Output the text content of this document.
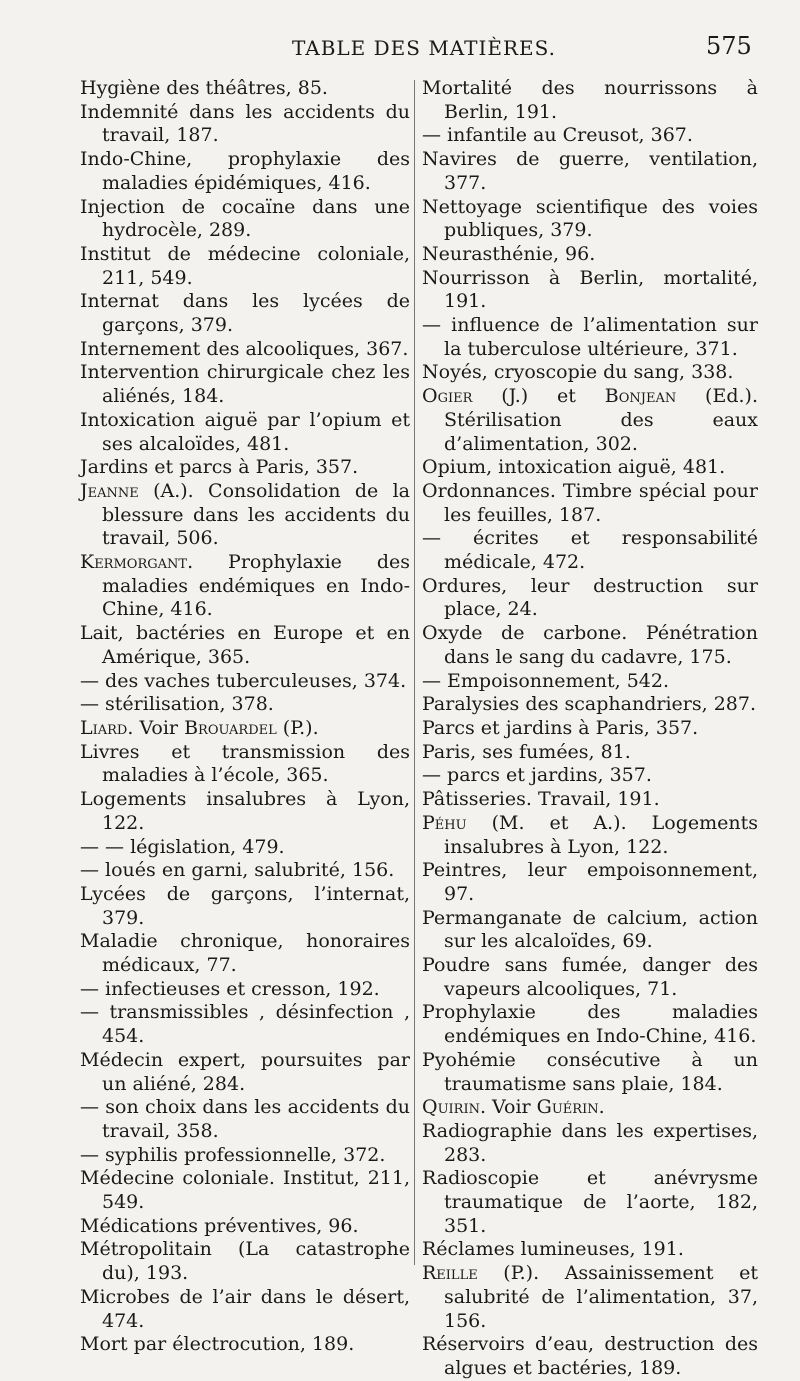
TABLE DES MATIÈRES.	575

Hygiène des théâtres, 85.

Indemnité dans les accidents du travail, 187.

Indo-Chine, prophylaxie des maladies épidémiques, 416.

Injection de cocaïne dans une hydrocèle, 289.

Institut de médecine coloniale, 211, 549.

Internat dans les lycées de garçons, 379.

Internement des alcooliques, 367.

Intervention chirurgicale chez les aliénés, 184.

Intoxication aiguë par l’opium et ses alcaloïdes, 481.

Jardins et parcs à Paris, 357.

Jeanne (A.). Consolidation de la blessure dans les accidents du travail, 506.

Kermorgant. Prophylaxie des maladies endémiques en Indo-Chine, 416.

Lait, bactéries en Europe et en Amérique, 365.

— des vaches tuberculeuses, 374.

— stérilisation, 378.

Liard. Voir Brouardel (P.).

Livres et transmission des maladies à l’école, 365.

Logements insalubres à Lyon, 122.

— — législation, 479.

— loués en garni, salubrité, 156.

Lycées de garçons, l’internat, 379.

Maladie chronique, honoraires médicaux, 77.

— infectieuses et cresson, 192.

— transmissibles , désinfection , 454.

Médecin expert, poursuites par un aliéné, 284.

— son choix dans les accidents du travail, 358.

— syphilis professionnelle, 372.

Médecine coloniale. Institut, 211, 549.

Médications préventives, 96.

Métropolitain (La catastrophe du), 193.

Microbes de l’air dans le désert, 474.

Mort par électrocution, 189.

Mortalité des nourrissons à Berlin, 191.

— infantile au Creusot, 367.

Navires de guerre, ventilation, 377.

Nettoyage scientifique des voies publiques, 379.

Neurasthénie, 96.

Nourrisson à Berlin, mortalité, 191.

— influence de l’alimentation sur la tuberculose ultérieure, 371.

Noyés, cryoscopie du sang, 338.

Ogier (J.) et Bonjean (Ed.). Stérilisation des eaux d’alimentation, 302.

Opium, intoxication aiguë, 481.

Ordonnances. Timbre spécial pour les feuilles, 187.

— écrites et responsabilité médicale, 472.

Ordures, leur destruction sur place, 24.

Oxyde de carbone. Pénétration dans le sang du cadavre, 175.

— Empoisonnement, 542.

Paralysies des scaphandriers, 287.

Parcs et jardins à Paris, 357.

Paris, ses fumées, 81.

— parcs et jardins, 357.

Pâtisseries. Travail, 191.

Péhu (M. et A.). Logements insalubres à Lyon, 122.

Peintres, leur empoisonnement, 97.

Permanganate de calcium, action sur les alcaloïdes, 69.

Poudre sans fumée, danger des vapeurs alcooliques, 71.

Prophylaxie des maladies endémiques en Indo-Chine, 416.

Pyohémie consécutive à un traumatisme sans plaie, 184.

Quirin. Voir Guérin.

Radiographie dans les expertises, 283.

Radioscopie et anévrysme traumatique de l’aorte, 182, 351.

Réclames lumineuses, 191.

Reille (P.). Assainissement et salubrité de l’alimentation, 37, 156.

Réservoirs d’eau, destruction des algues et bactéries, 189.
